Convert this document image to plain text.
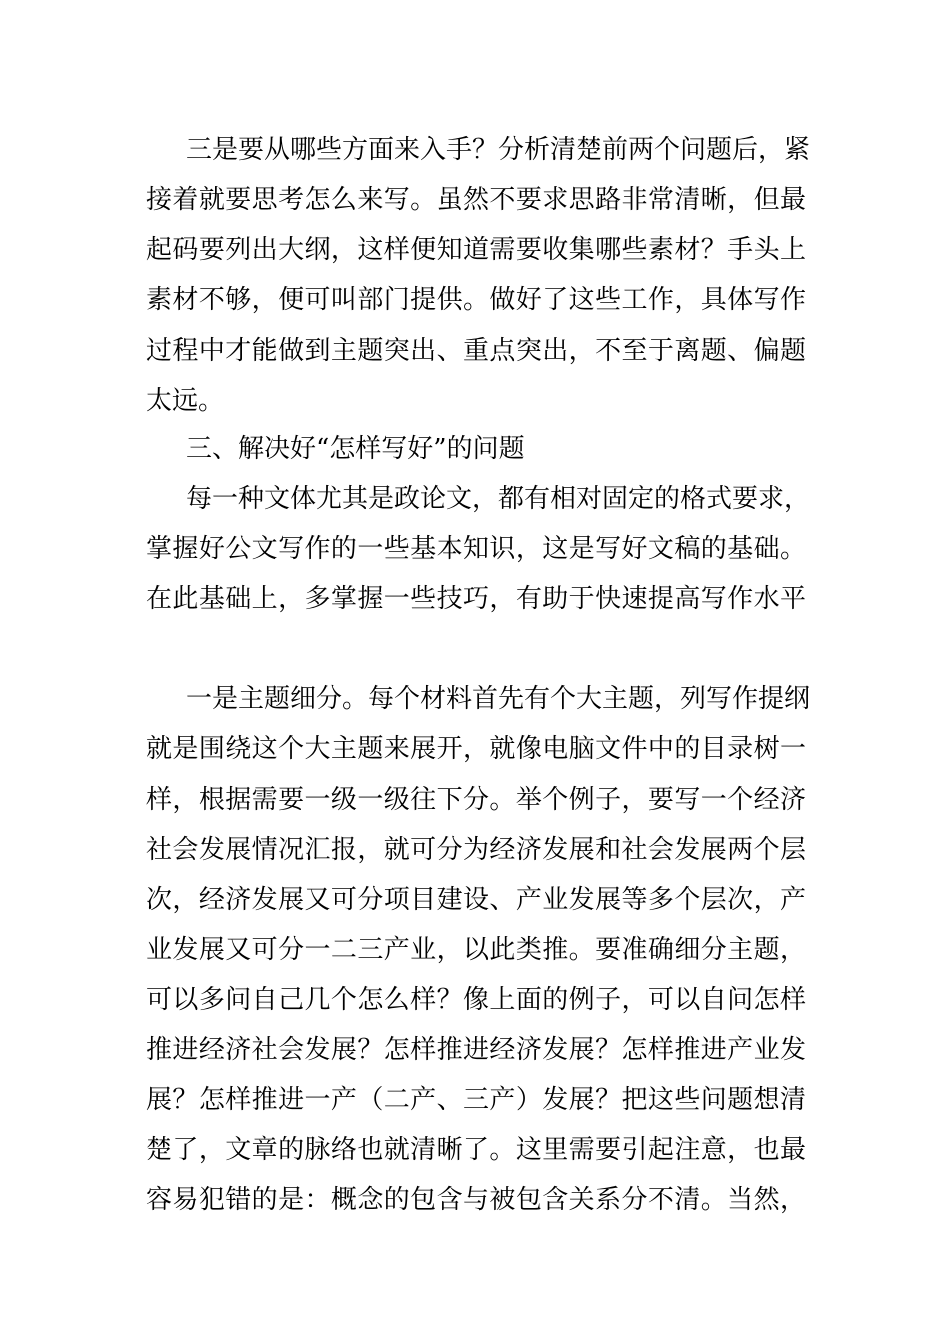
三是要从哪些方面来入手？分析清楚前两个问题后，紧

接着就要思考怎么来写。虽然不要求思路非常清晰，但最

起码要列出大纲，这样便知道需要收集哪些素材？手头上

素材不够，便可叫部门提供。做好了这些工作，具体写作

过程中才能做到主题突出、重点突出，不至于离题、偏题

太远。

三、解决好“怎样写好”的问题

每一种文体尤其是政论文，都有相对固定的格式要求，

掌握好公文写作的一些基本知识，这是写好文稿的基础。

在此基础上，多掌握一些技巧，有助于快速提高写作水平

一是主题细分。每个材料首先有个大主题，列写作提纲

就是围绕这个大主题来展开，就像电脑文件中的目录树一

样，根据需要一级一级往下分。举个例子，要写一个经济

社会发展情况汇报，就可分为经济发展和社会发展两个层

次，经济发展又可分项目建设、产业发展等多个层次，产

业发展又可分一二三产业，以此类推。要准确细分主题，

可以多问自己几个怎么样？像上面的例子，可以自问怎样

推进经济社会发展？怎样推进经济发展？怎样推进产业发

展？怎样推进一产（二产、三产）发展？把这些问题想清

楚了，文章的脉络也就清晰了。这里需要引起注意，也最

容易犯错的是：概念的包含与被包含关系分不清。当然，
